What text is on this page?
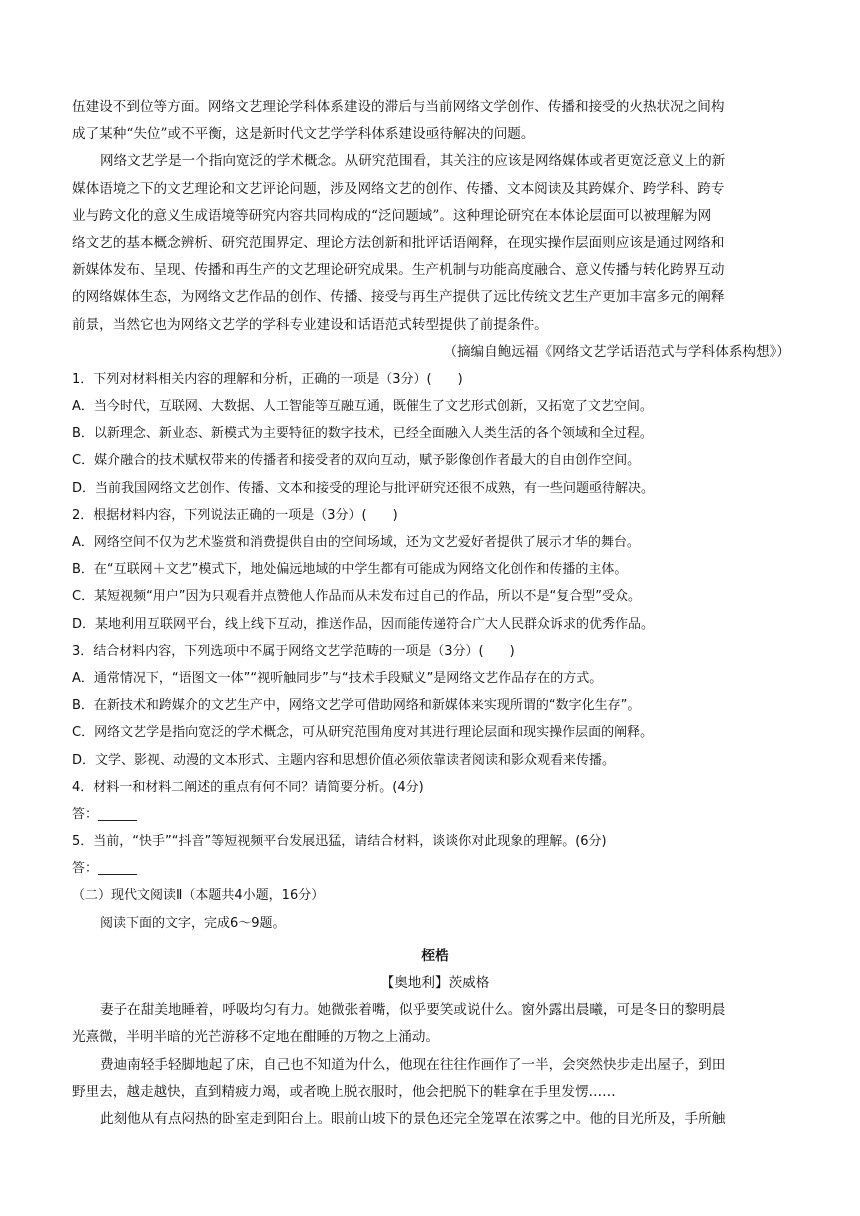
伍建设不到位等方面。网络文艺理论学科体系建设的滞后与当前网络文学创作、传播和接受的火热状况之间构
成了某种“失位”或不平衡，这是新时代文艺学学科体系建设亟待解决的问题。
网络文艺学是一个指向宽泛的学术概念。从研究范围看，其关注的应该是网络媒体或者更宽泛意义上的新
媒体语境之下的文艺理论和文艺评论问题，涉及网络文艺的创作、传播、文本阅读及其跨媒介、跨学科、跨专
业与跨文化的意义生成语境等研究内容共同构成的“泛问题域”。这种理论研究在本体论层面可以被理解为网
络文艺的基本概念辨析、研究范围界定、理论方法创新和批评话语阐释，在现实操作层面则应该是通过网络和
新媒体发布、呈现、传播和再生产的文艺理论研究成果。生产机制与功能高度融合、意义传播与转化跨界互动
的网络媒体生态，为网络文艺作品的创作、传播、接受与再生产提供了远比传统文艺生产更加丰富多元的阐释
前景，当然它也为网络文艺学的学科专业建设和话语范式转型提供了前提条件。
（摘编自鲍远福《网络文艺学话语范式与学科体系构想》）
1．下列对材料相关内容的理解和分析，正确的一项是（3分）(　　)
A．当今时代，互联网、大数据、人工智能等互融互通，既催生了文艺形式创新，又拓宽了文艺空间。
B．以新理念、新业态、新模式为主要特征的数字技术，已经全面融入人类生活的各个领域和全过程。
C．媒介融合的技术赋权带来的传播者和接受者的双向互动，赋予影像创作者最大的自由创作空间。
D．当前我国网络文艺创作、传播、文本和接受的理论与批评研究还很不成熟，有一些问题亟待解决。
2．根据材料内容，下列说法正确的一项是（3分）(　　)
A．网络空间不仅为艺术鉴赏和消费提供自由的空间场域，还为文艺爱好者提供了展示才华的舞台。
B．在“互联网＋文艺”模式下，地处偏远地域的中学生都有可能成为网络文化创作和传播的主体。
C．某短视频“用户”因为只观看并点赞他人作品而从未发布过自己的作品，所以不是“复合型”受众。
D．某地利用互联网平台，线上线下互动，推送作品，因而能传递符合广大人民群众诉求的优秀作品。
3．结合材料内容，下列选项中不属于网络文艺学范畴的一项是（3分）(　　)
A．通常情况下，“语图文一体”“视听触同步”与“技术手段赋义”是网络文艺作品存在的方式。
B．在新技术和跨媒介的文艺生产中，网络文艺学可借助网络和新媒体来实现所谓的“数字化生存”。
C．网络文艺学是指向宽泛的学术概念，可从研究范围角度对其进行理论层面和现实操作层面的阐释。
D．文学、影视、动漫的文本形式、主题内容和思想价值必须依靠读者阅读和影众观看来传播。
4．材料一和材料二阐述的重点有何不同？请简要分析。(4分)
答：______
5．当前，“快手”“抖音”等短视频平台发展迅猛，请结合材料，谈谈你对此现象的理解。(6分)
答：______
（二）现代文阅读Ⅱ（本题共4小题，16分）
阅读下面的文字，完成6～9题。
桎梏
【奥地利】茨威格
妻子在甜美地睡着，呼吸均匀有力。她微张着嘴，似乎要笑或说什么。窗外露出晨曦，可是冬日的黎明晨
光熹微，半明半暗的光芒游移不定地在酣睡的万物之上涌动。
费迪南轻手轻脚地起了床，自己也不知道为什么，他现在往往作画作了一半，会突然快步走出屋子，到田
野里去，越走越快，直到精疲力竭，或者晚上脱衣服时，他会把脱下的鞋拿在手里发愣……
此刻他从有点闷热的卧室走到阳台上。眼前山坡下的景色还完全笼罩在浓雾之中。他的目光所及，手所触
